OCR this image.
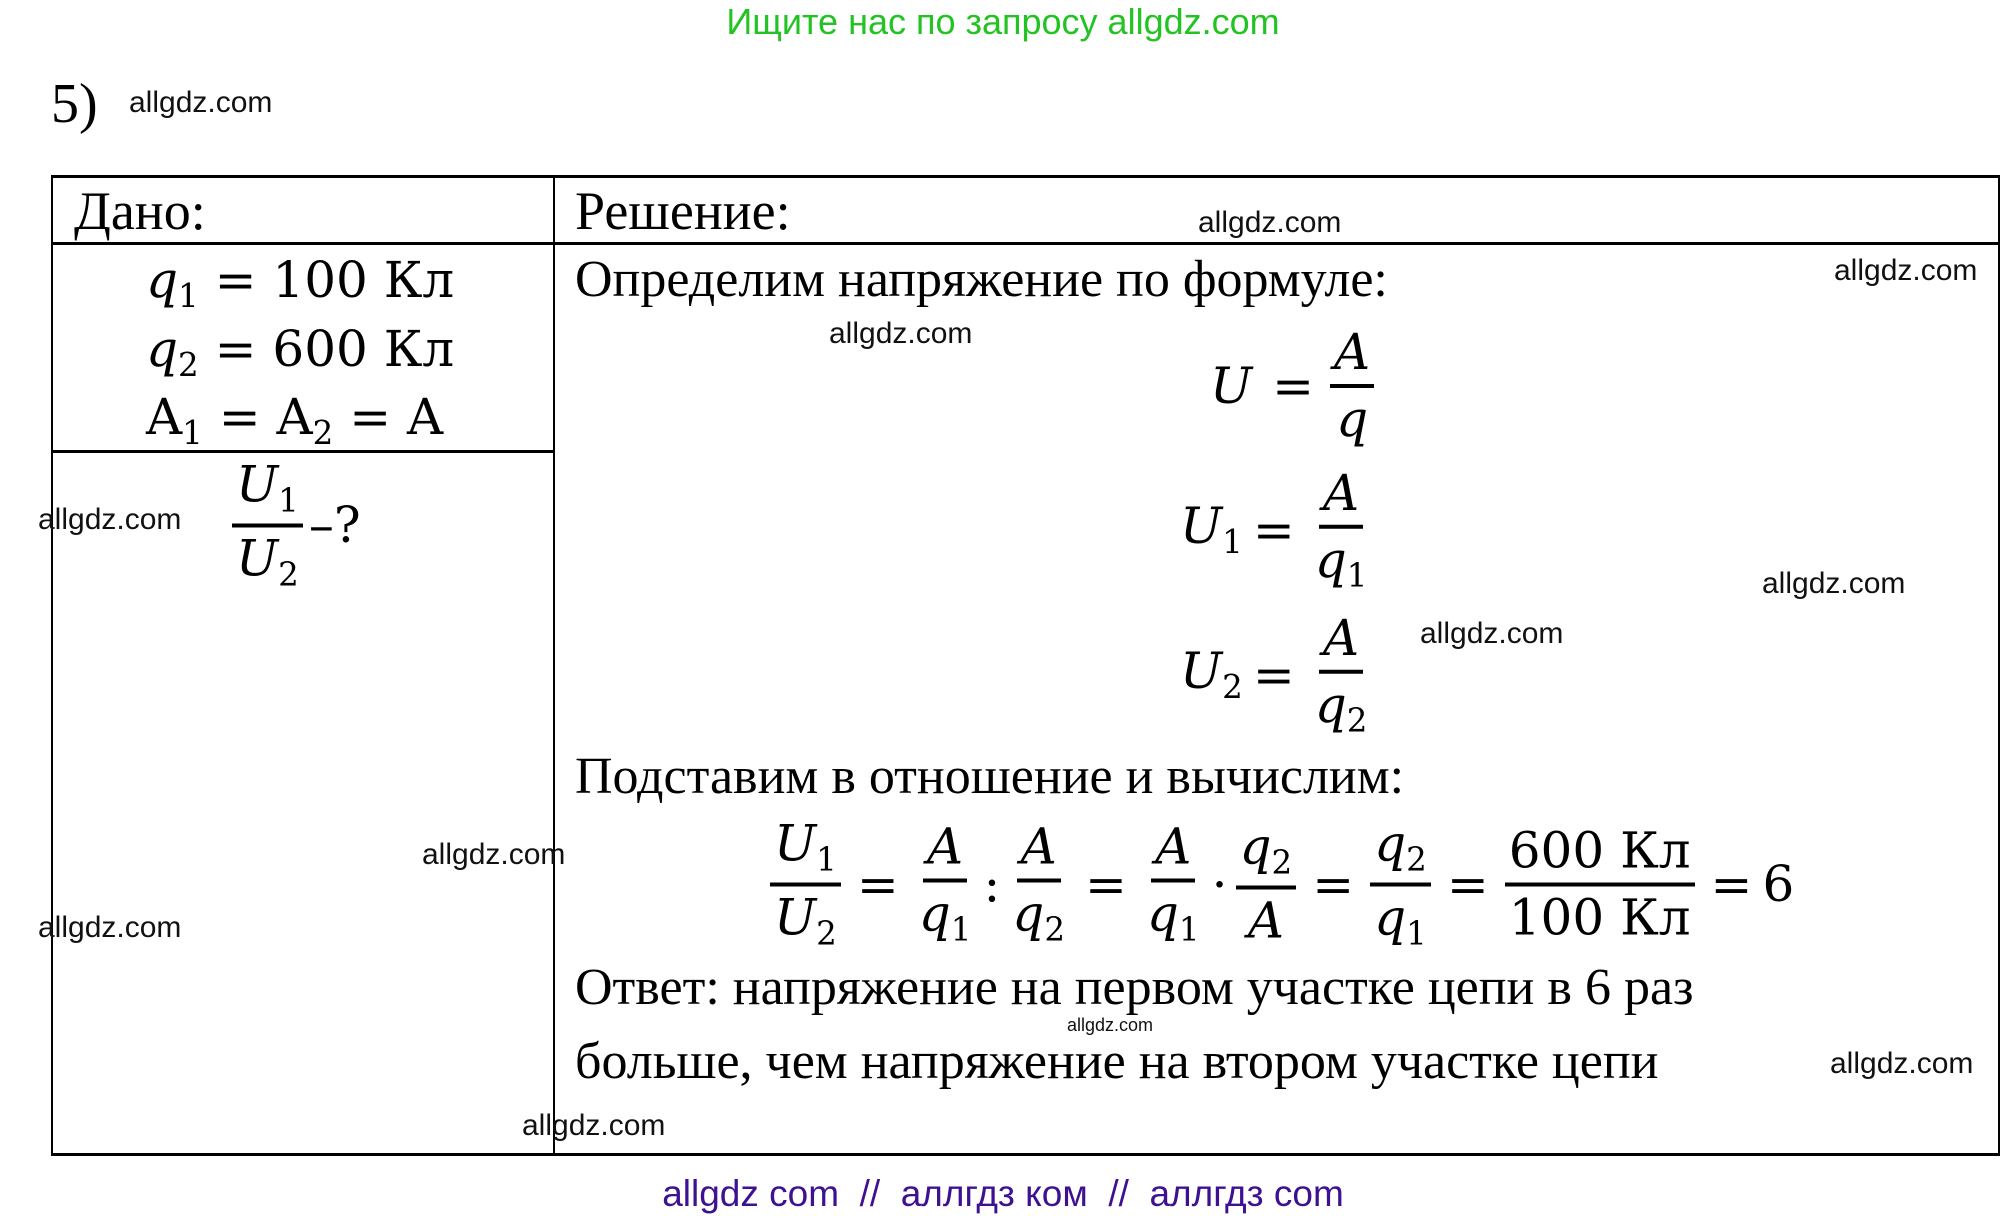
Ищите нас по запросу allgdz.com
5)
Дано:	Решение:
$q_1 = 100$ Кл
$q_2 = 600$ Кл
$A_1 = A_2 = A$
$\frac{U_1}{U_2}$ –?
Определим напряжение по формуле:
$U = \frac{A}{q}$
$U_1 = \frac{A}{q_1}$
$U_2 = \frac{A}{q_2}$
Подставим в отношение и вычислим:
$\frac{U_1}{U_2} = \frac{A}{q_1}$ : $\frac{A}{q_2} = \frac{A}{q_1} \cdot \frac{q_2}{A} = \frac{q_2}{q_1} = \frac{600 Кл}{100 Кл} = 6$
Ответ: напряжение на первом участке цепи в 6 раз
больше, чем напряжение на втором участке цепи
allgdz.com
allgdz.com
allgdz.com
allgdz.com
allgdz.com
allgdz.com
allgdz.com
allgdz.com
allgdz.com
allgdz.com
allgdz.com
allgdz.com
allgdz com  //  аллгдз ком  //  аллгдз com
